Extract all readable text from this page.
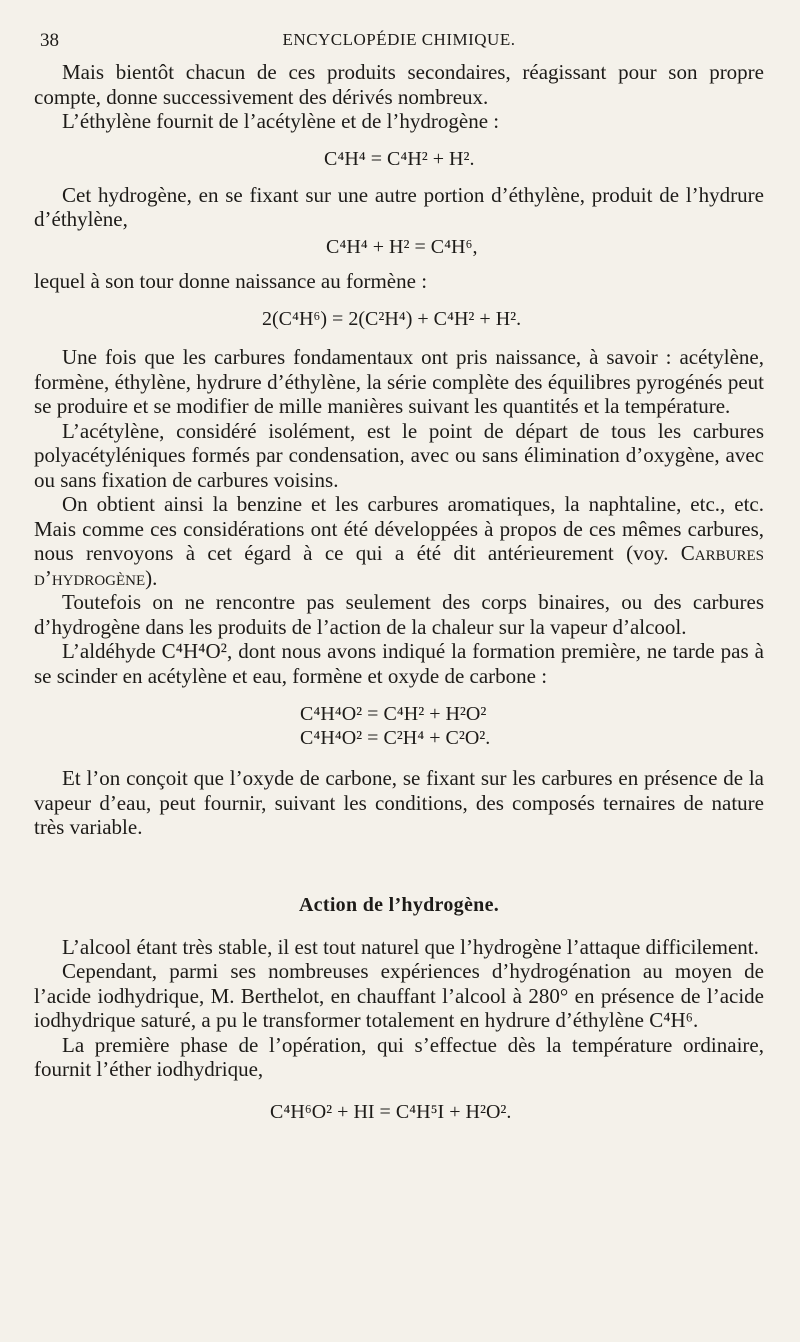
38	ENCYCLOPÉDIE CHIMIQUE.

Mais bientôt chacun de ces produits secondaires, réagissant pour son propre compte, donne successivement des dérivés nombreux.

L’éthylène fournit de l’acétylène et de l’hydrogène :

C⁴H⁴ = C⁴H² + H².

Cet hydrogène, en se fixant sur une autre portion d’éthylène, produit de l’hydrure d’éthylène,

C⁴H⁴ + H² = C⁴H⁶,

lequel à son tour donne naissance au formène :

2(C⁴H⁶) = 2(C²H⁴) + C⁴H² + H².

Une fois que les carbures fondamentaux ont pris naissance, à savoir : acétylène, formène, éthylène, hydrure d’éthylène, la série complète des équilibres pyrogénés peut se produire et se modifier de mille manières suivant les quantités et la température.

L’acétylène, considéré isolément, est le point de départ de tous les carbures polyacétyléniques formés par condensation, avec ou sans élimination d’oxygène, avec ou sans fixation de carbures voisins.

On obtient ainsi la benzine et les carbures aromatiques, la naphtaline, etc., etc. Mais comme ces considérations ont été développées à propos de ces mêmes carbures, nous renvoyons à cet égard à ce qui a été dit antérieurement (voy. Carbures d’hydrogène).

Toutefois on ne rencontre pas seulement des corps binaires, ou des carbures d’hydrogène dans les produits de l’action de la chaleur sur la vapeur d’alcool.

L’aldéhyde C⁴H⁴O², dont nous avons indiqué la formation première, ne tarde pas à se scinder en acétylène et eau, formène et oxyde de carbone :

C⁴H⁴O² = C⁴H² + H²O²

C⁴H⁴O² = C²H⁴ + C²O².

Et l’on conçoit que l’oxyde de carbone, se fixant sur les carbures en présence de la vapeur d’eau, peut fournir, suivant les conditions, des composés ternaires de nature très variable.

Action de l’hydrogène.

L’alcool étant très stable, il est tout naturel que l’hydrogène l’attaque difficilement.

Cependant, parmi ses nombreuses expériences d’hydrogénation au moyen de l’acide iodhydrique, M. Berthelot, en chauffant l’alcool à 280° en présence de l’acide iodhydrique saturé, a pu le transformer totalement en hydrure d’éthylène C⁴H⁶.

La première phase de l’opération, qui s’effectue dès la température ordinaire, fournit l’éther iodhydrique,

C⁴H⁶O² + HI = C⁴H⁵I + H²O².
